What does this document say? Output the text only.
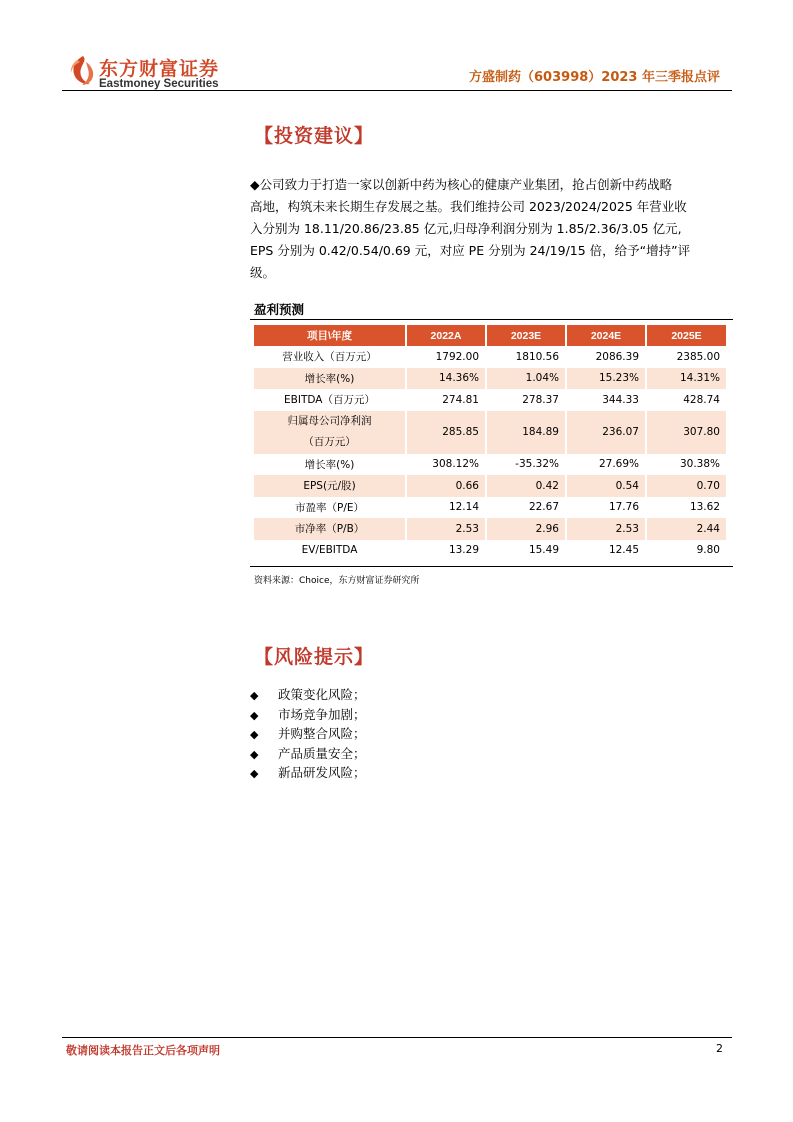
东方财富证券
Eastmoney Securities	方盛制药（603998）2023 年三季报点评
【投资建议】
◆公司致力于打造一家以创新中药为核心的健康产业集团，抢占创新中药战略
高地，构筑未来长期生存发展之基。我们维持公司 2023/2024/2025 年营业收
入分别为 18.11/20.86/23.85 亿元,归母净利润分别为 1.85/2.36/3.05 亿元,
EPS 分别为 0.42/0.54/0.69 元，对应 PE 分别为 24/19/15 倍，给予“增持”评
级。
盈利预测
项目\年度	2022A	2023E	2024E	2025E
营业收入（百万元）	1792.00	1810.56	2086.39	2385.00
增长率(%)	14.36%	1.04%	15.23%	14.31%
EBITDA（百万元）	274.81	278.37	344.33	428.74

归属母公司净利润
（百万元）	285.85	184.89	236.07	307.80
增长率(%)	308.12%	-35.32%	27.69%	30.38%
EPS(元/股)	0.66	0.42	0.54	0.70
市盈率（P/E）	12.14	22.67	17.76	13.62
市净率（P/B）	2.53	2.96	2.53	2.44
EV/EBITDA	13.29	15.49	12.45	9.80
资料来源：Choice，东方财富证券研究所
【风险提示】
◆ 政策变化风险；
◆ 市场竞争加剧；
◆ 并购整合风险；
◆ 产品质量安全；
◆ 新品研发风险；
敬请阅读本报告正文后各项声明	2
